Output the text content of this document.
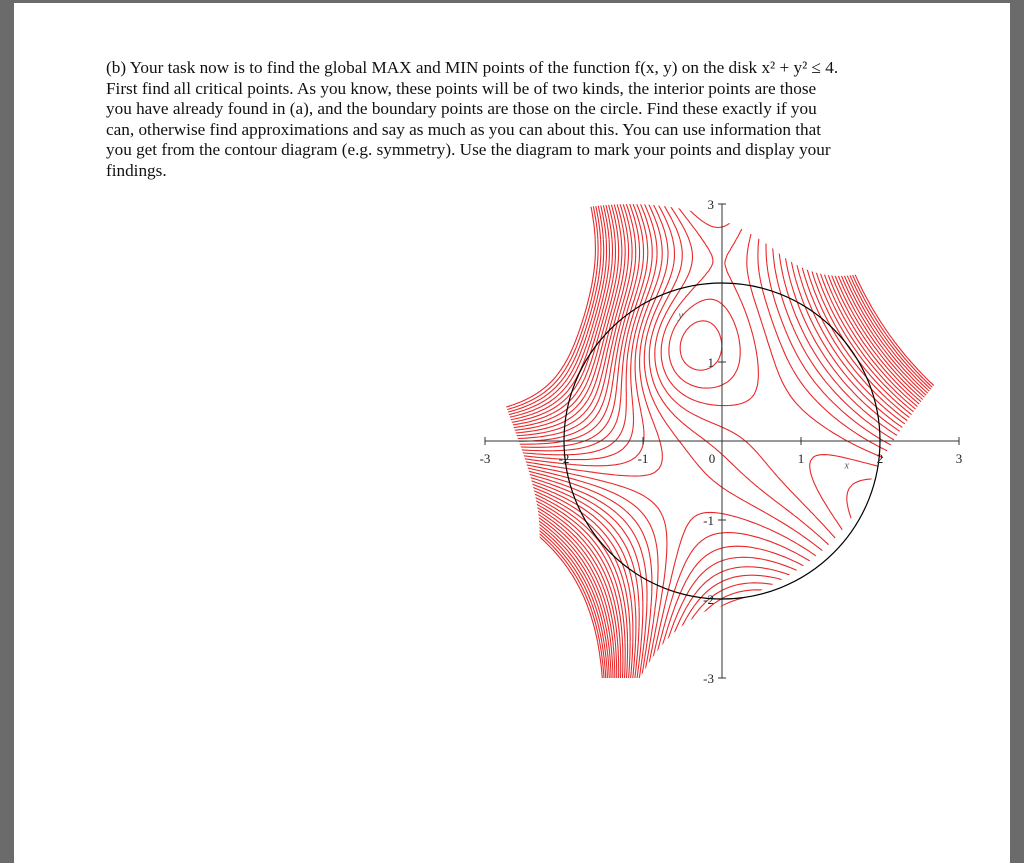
(b) Your task now is to find the global MAX and MIN points of the function f(x, y) on the disk x² + y² ≤ 4.
First find all critical points. As you know, these points will be of two kinds, the interior points are those
you have already found in (a), and the boundary points are those on the circle. Find these exactly if you
can, otherwise find approximations and say as much as you can about this. You can use information that
you get from the contour diagram (e.g. symmetry). Use the diagram to mark your points and display your
findings.
-3	-2	-1	0	1	2	3
3
1
-1
-2
-3
y
x
